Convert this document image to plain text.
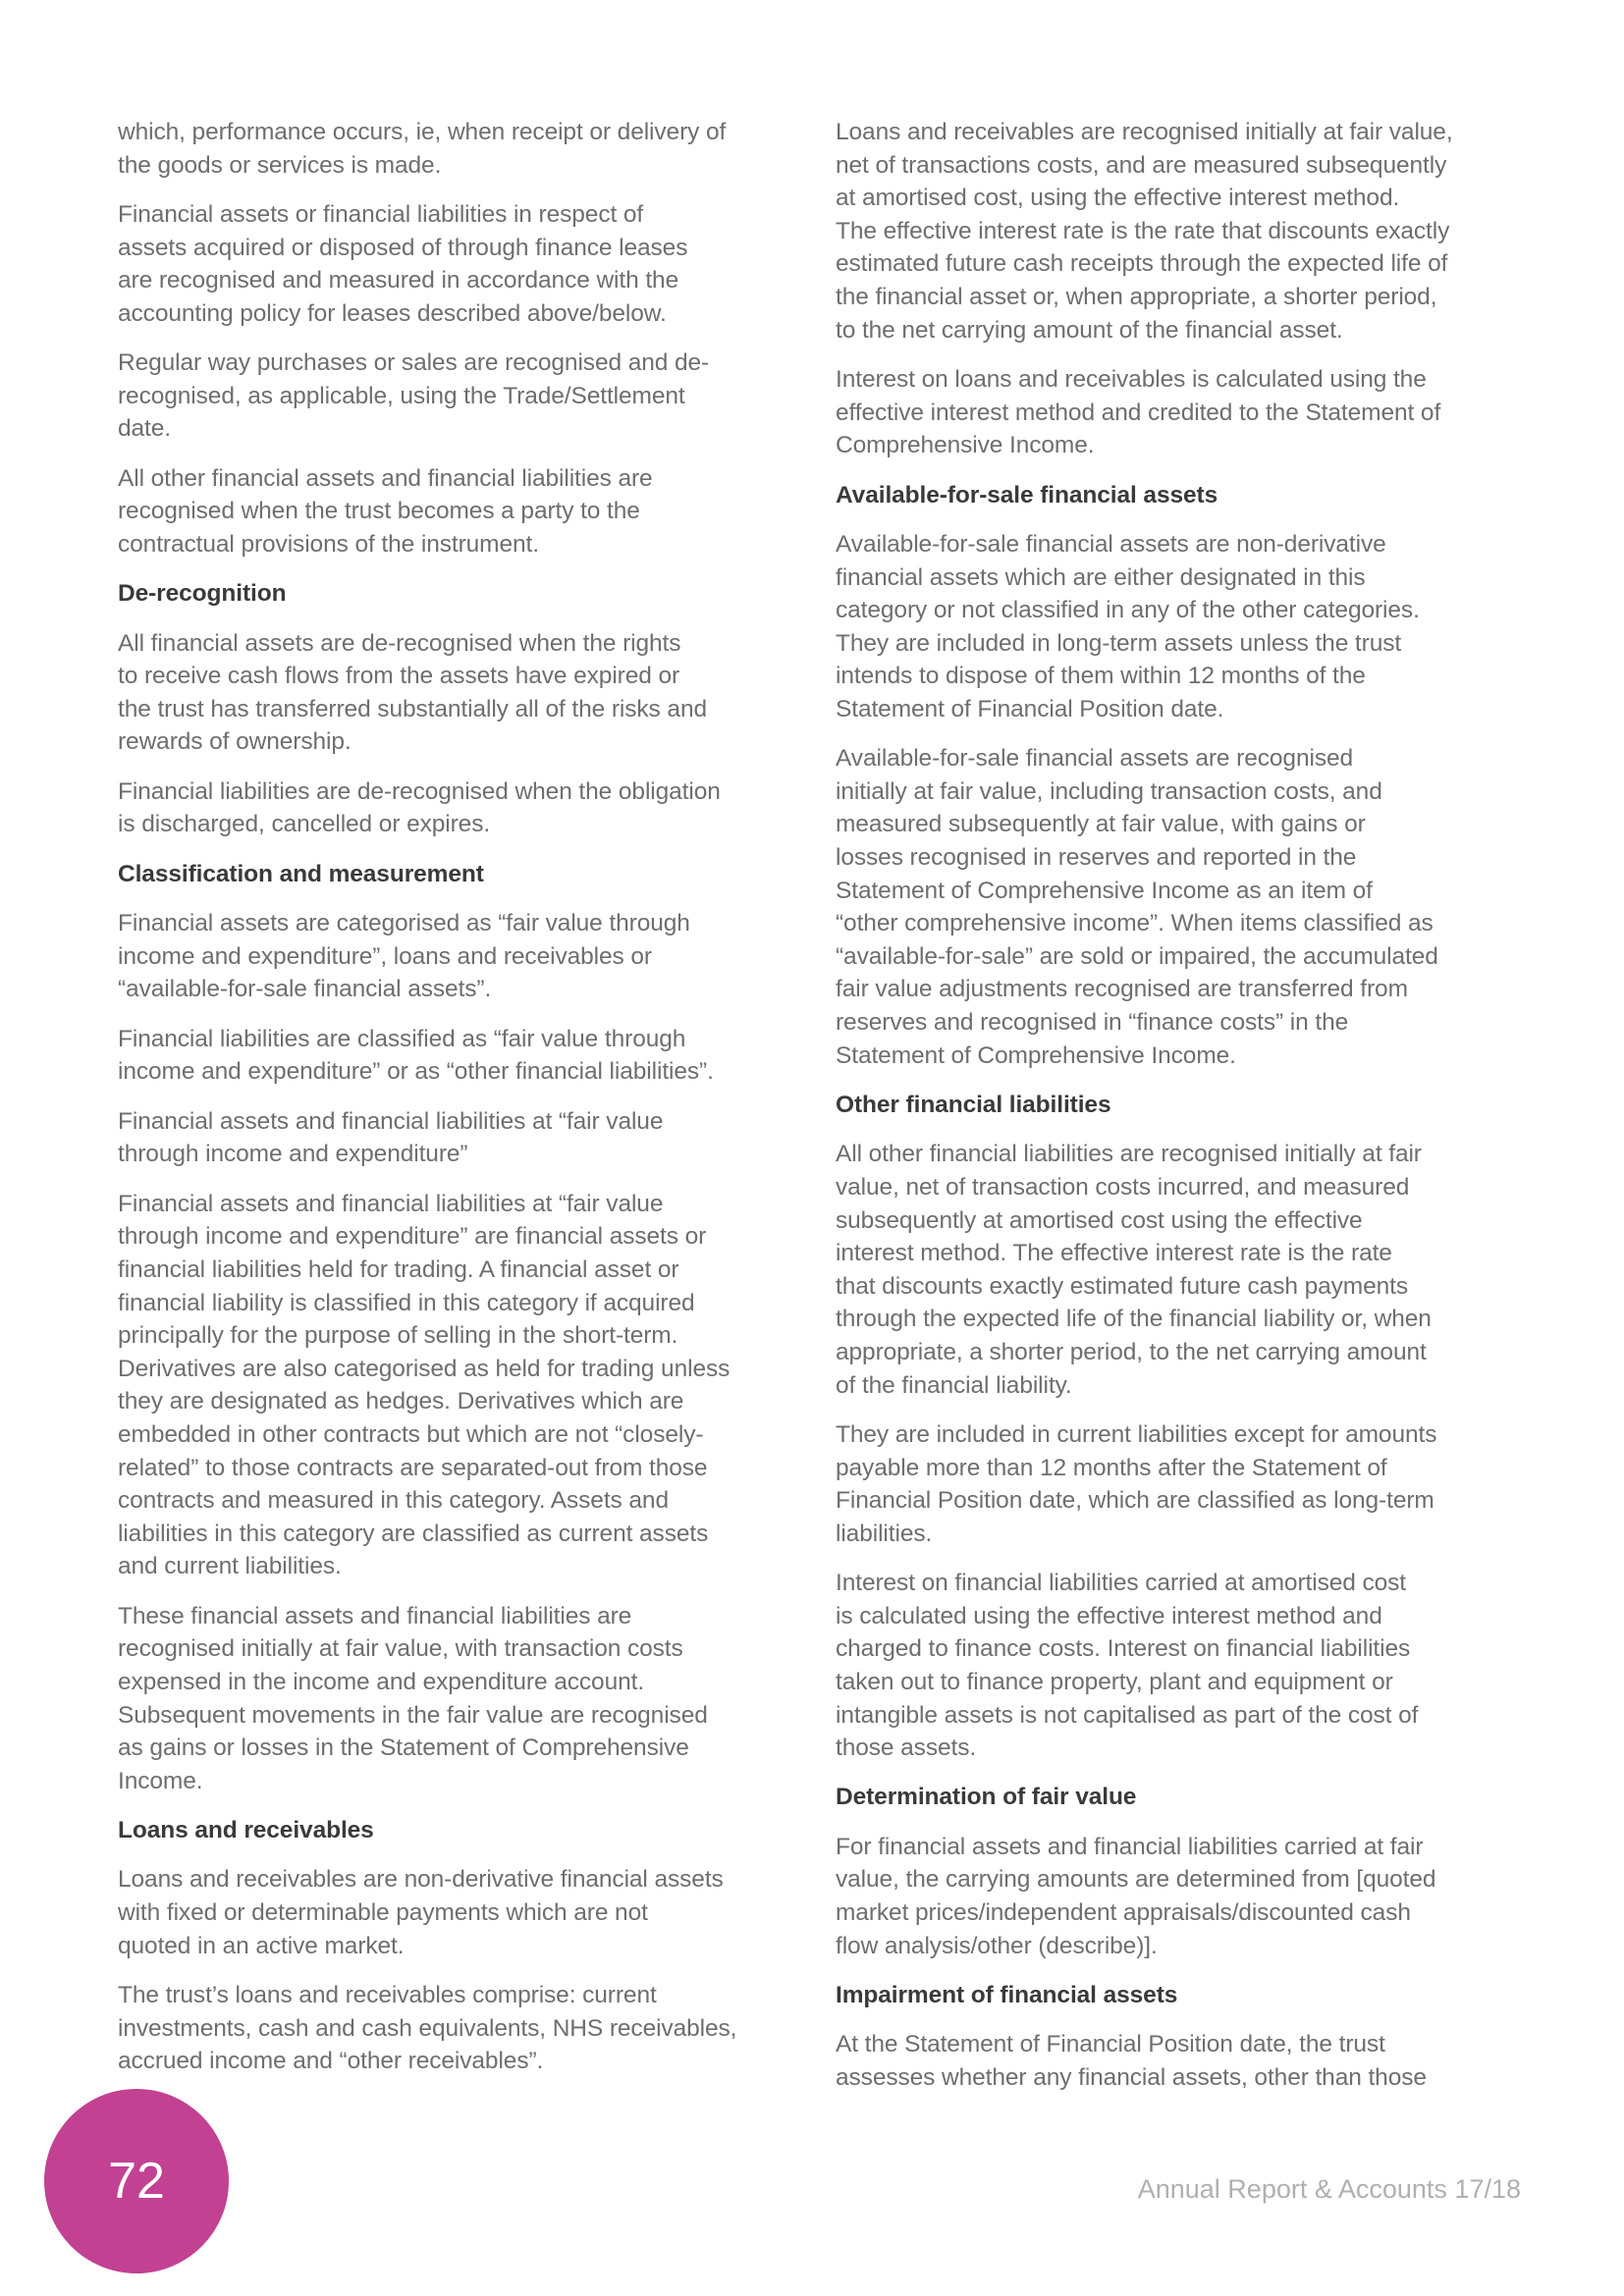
which, performance occurs, ie, when receipt or delivery of
the goods or services is made.
Financial assets or financial liabilities in respect of
assets acquired or disposed of through finance leases
are recognised and measured in accordance with the
accounting policy for leases described above/below.
Regular way purchases or sales are recognised and de-
recognised, as applicable, using the Trade/Settlement
date.
All other financial assets and financial liabilities are
recognised when the trust becomes a party to the
contractual provisions of the instrument.
De-recognition
All financial assets are de-recognised when the rights
to receive cash flows from the assets have expired or
the trust has transferred substantially all of the risks and
rewards of ownership.
Financial liabilities are de-recognised when the obligation
is discharged, cancelled or expires.
Classification and measurement
Financial assets are categorised as “fair value through
income and expenditure”, loans and receivables or
“available-for-sale financial assets”.
Financial liabilities are classified as “fair value through
income and expenditure” or as “other financial liabilities”.
Financial assets and financial liabilities at “fair value
through income and expenditure”
Financial assets and financial liabilities at “fair value
through income and expenditure” are financial assets or
financial liabilities held for trading. A financial asset or
financial liability is classified in this category if acquired
principally for the purpose of selling in the short-term.
Derivatives are also categorised as held for trading unless
they are designated as hedges. Derivatives which are
embedded in other contracts but which are not “closely-
related” to those contracts are separated-out from those
contracts and measured in this category. Assets and
liabilities in this category are classified as current assets
and current liabilities.
These financial assets and financial liabilities are
recognised initially at fair value, with transaction costs
expensed in the income and expenditure account.
Subsequent movements in the fair value are recognised
as gains or losses in the Statement of Comprehensive
Income.
Loans and receivables
Loans and receivables are non-derivative financial assets
with fixed or determinable payments which are not
quoted in an active market.
The trust’s loans and receivables comprise: current
investments, cash and cash equivalents, NHS receivables,
accrued income and “other receivables”.
Loans and receivables are recognised initially at fair value,
net of transactions costs, and are measured subsequently
at amortised cost, using the effective interest method.
The effective interest rate is the rate that discounts exactly
estimated future cash receipts through the expected life of
the financial asset or, when appropriate, a shorter period,
to the net carrying amount of the financial asset.
Interest on loans and receivables is calculated using the
effective interest method and credited to the Statement of
Comprehensive Income.
Available-for-sale financial assets
Available-for-sale financial assets are non-derivative
financial assets which are either designated in this
category or not classified in any of the other categories.
They are included in long-term assets unless the trust
intends to dispose of them within 12 months of the
Statement of Financial Position date.
Available-for-sale financial assets are recognised
initially at fair value, including transaction costs, and
measured subsequently at fair value, with gains or
losses recognised in reserves and reported in the
Statement of Comprehensive Income as an item of
“other comprehensive income”. When items classified as
“available-for-sale” are sold or impaired, the accumulated
fair value adjustments recognised are transferred from
reserves and recognised in “finance costs” in the
Statement of Comprehensive Income.
Other financial liabilities
All other financial liabilities are recognised initially at fair
value, net of transaction costs incurred, and measured
subsequently at amortised cost using the effective
interest method. The effective interest rate is the rate
that discounts exactly estimated future cash payments
through the expected life of the financial liability or, when
appropriate, a shorter period, to the net carrying amount
of the financial liability.
They are included in current liabilities except for amounts
payable more than 12 months after the Statement of
Financial Position date, which are classified as long-term
liabilities.
Interest on financial liabilities carried at amortised cost
is calculated using the effective interest method and
charged to finance costs. Interest on financial liabilities
taken out to finance property, plant and equipment or
intangible assets is not capitalised as part of the cost of
those assets.
Determination of fair value
For financial assets and financial liabilities carried at fair
value, the carrying amounts are determined from [quoted
market prices/independent appraisals/discounted cash
flow analysis/other (describe)].
Impairment of financial assets
At the Statement of Financial Position date, the trust
assesses whether any financial assets, other than those
72	Annual Report & Accounts 17/18
